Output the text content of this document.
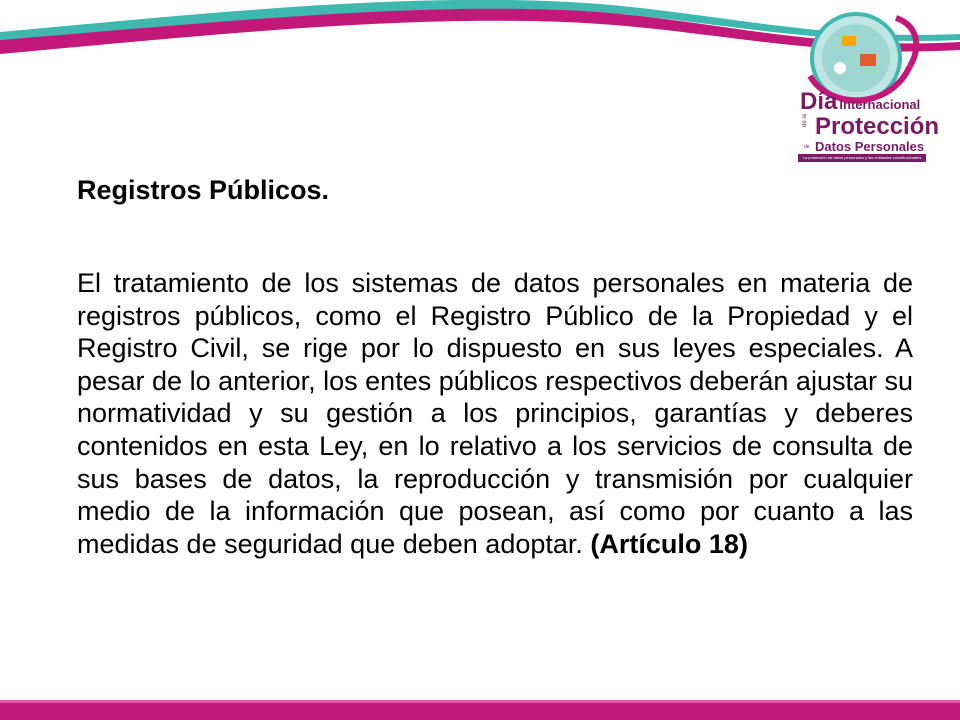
Día Internacional
de la Protección
de Datos Personales
La protección de datos personales y las entidades constitucionales
Registros Públicos.

El tratamiento de los sistemas de datos personales en materia de registros públicos, como el Registro Público de la Propiedad y el Registro Civil, se rige por lo dispuesto en sus leyes especiales. A pesar de lo anterior, los entes públicos respectivos deberán ajustar su normatividad y su gestión a los principios, garantías y deberes contenidos en esta Ley, en lo relativo a los servicios de consulta de sus bases de datos, la reproducción y transmisión por cualquier medio de la información que posean, así como por cuanto a las medidas de seguridad que deben adoptar. (Artículo 18)
